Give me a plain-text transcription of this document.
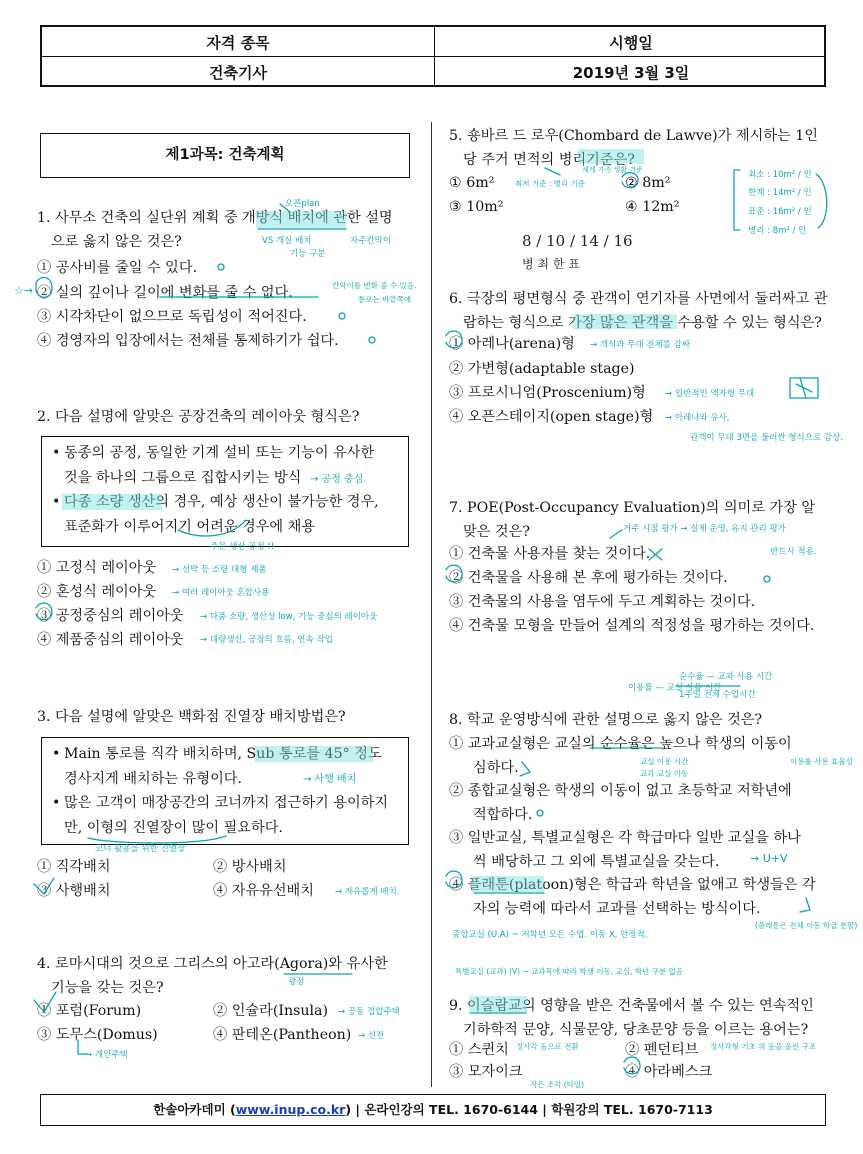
자격 종목	시행일
건축기사	2019년 3월 3일
제1과목: 건축계획
1. 사무소 건축의 실단위 계획 중 개방식 배치에 관한 설명
으로 옳지 않은 것은?
① 공사비를 줄일 수 있다.
② 실의 깊이나 길이에 변화를 줄 수 없다.
③ 시각차단이 없으므로 독립성이 적어진다.
④ 경영자의 입장에서는 전체를 통제하기가 쉽다.
오픈plan
VS 개실 배치	자주칸막이
기능 구분
칸막이를 변화 줄 수 있음.
통로는 바깥쪽에
☆→
2. 다음 설명에 알맞은 공장건축의 레이아웃 형식은?
• 동종의 공정, 동일한 기계 설비 또는 기능이 유사한
것을 하나의 그룹으로 집합시키는 방식
• 다종 소량 생산의 경우, 예상 생산이 불가능한 경우,
표준화가 이루어지기 어려운 경우에 채용
① 고정식 레이아웃
② 혼성식 레이아웃
③ 공정중심의 레이아웃
④ 제품중심의 레이아웃
→ 공정 중심.
주문 생산 공정 !!
→ 선박 등 소량 대형 제품
→ 여러 레이아웃 혼합사용
→ 다품 소량, 생산성 low, 기능 중심의 레이아웃
→ 대량생산, 공정의 흐름, 연속 작업
3. 다음 설명에 알맞은 백화점 진열장 배치방법은?
• Main 통로를 직각 배치하며, Sub 통로를 45° 정도
경사지게 배치하는 유형이다.
• 많은 고객이 매장공간의 코너까지 접근하기 용이하지
만, 이형의 진열장이 많이 필요하다.
① 직각배치	② 방사배치
③ 사행배치	④ 자유유선배치
→ 사행 배치
코너 활용을 위한 진열장
→ 자유롭게 배치.
4. 로마시대의 것으로 그리스의 아고라(Agora)와 유사한
기능을 갖는 것은?
① 포럼(Forum)	② 인슐라(Insula)
③ 도무스(Domus)	④ 판테온(Pantheon)
광장
→ 공동 집합주택
→ 신전
→ 개인주택
5. 숑바르 드 로우(Chombard de Lawve)가 제시하는 1인
당 주거 면적의 병리기준은?
① 6m²	② 8m²
③ 10m²	④ 12m²
세계 가족 생활 기준
최저 기준 : 병리 기준
최소 : 10m² / 인
한계 : 14m² / 인
표준 : 16m² / 인
병리 : 8m² / 인
8 / 10 / 14 / 16
병 최 한 표
6. 극장의 평면형식 중 관객이 연기자를 사면에서 둘러싸고 관
람하는 형식으로 가장 많은 관객을 수용할 수 있는 형식은?
① 아레나(arena)형
② 가변형(adaptable stage)
③ 프로시니엄(Proscenium)형
④ 오픈스테이지(open stage)형
→ 객석과 무대 전체를 감싸
→ 일반적인 액자형 무대
→ 아레나와 유사,
관객이 무대 3면을 둘러싼 형식으로 감상.
7. POE(Post-Occupancy Evaluation)의 의미로 가장 알
맞은 것은?
① 건축물 사용자를 찾는 것이다.
② 건축물을 사용해 본 후에 평가하는 것이다.
③ 건축물의 사용을 염두에 두고 계획하는 것이다.
④ 건축물 모형을 만들어 설계의 적정성을 평가하는 것이다.
거주 시점 평가 → 실제 운영, 유지 관리 평가
반드시 적용.
8. 학교 운영방식에 관한 설명으로 옳지 않은 것은?
① 교과교실형은 교실의 순수율은 높으나 학생의 이동이
심하다.
② 종합교실형은 학생의 이동이 없고 초등학교 저학년에
적합하다.
③ 일반교실, 특별교실형은 각 학급마다 일반 교실을 하나
씩 배당하고 그 외에 특별교실을 갖는다.
④ 플래툰(platoon)형은 학급과 학년을 없애고 학생들은 각
자의 능력에 따라서 교과를 선택하는 방식이다.
순수율 — 교과 사용 시간
1주일 전체 수업시간
이용률 — 교실 사용 시간
교실 이용 시간
교과 교실 이동
이용률 사용 효율성
→ U+V
종합교실 (U.A) ~ 저학년 모든 수업. 이동 X, 안정적.
(플래툰은 전체 이동 학급 분할)
특별교실 (교과) (V) ~ 교과목에 따라 학생 이동, 교실, 학년 구분 없음
9. 이슬람교의 영향을 받은 건축물에서 볼 수 있는 연속적인
기하학적 문양, 식물문양, 당초문양 등을 이르는 용어는?
① 스퀸치	② 펜던티브
③ 모자이크	④ 아라베스크
정사각 돔으로 전환	정사각형 기초 위 돔을 올린 구조
작은 조각 (타일)
한솔아카데미 (www.inup.co.kr) | 온라인강의 TEL. 1670-6144 | 학원강의 TEL. 1670-7113
